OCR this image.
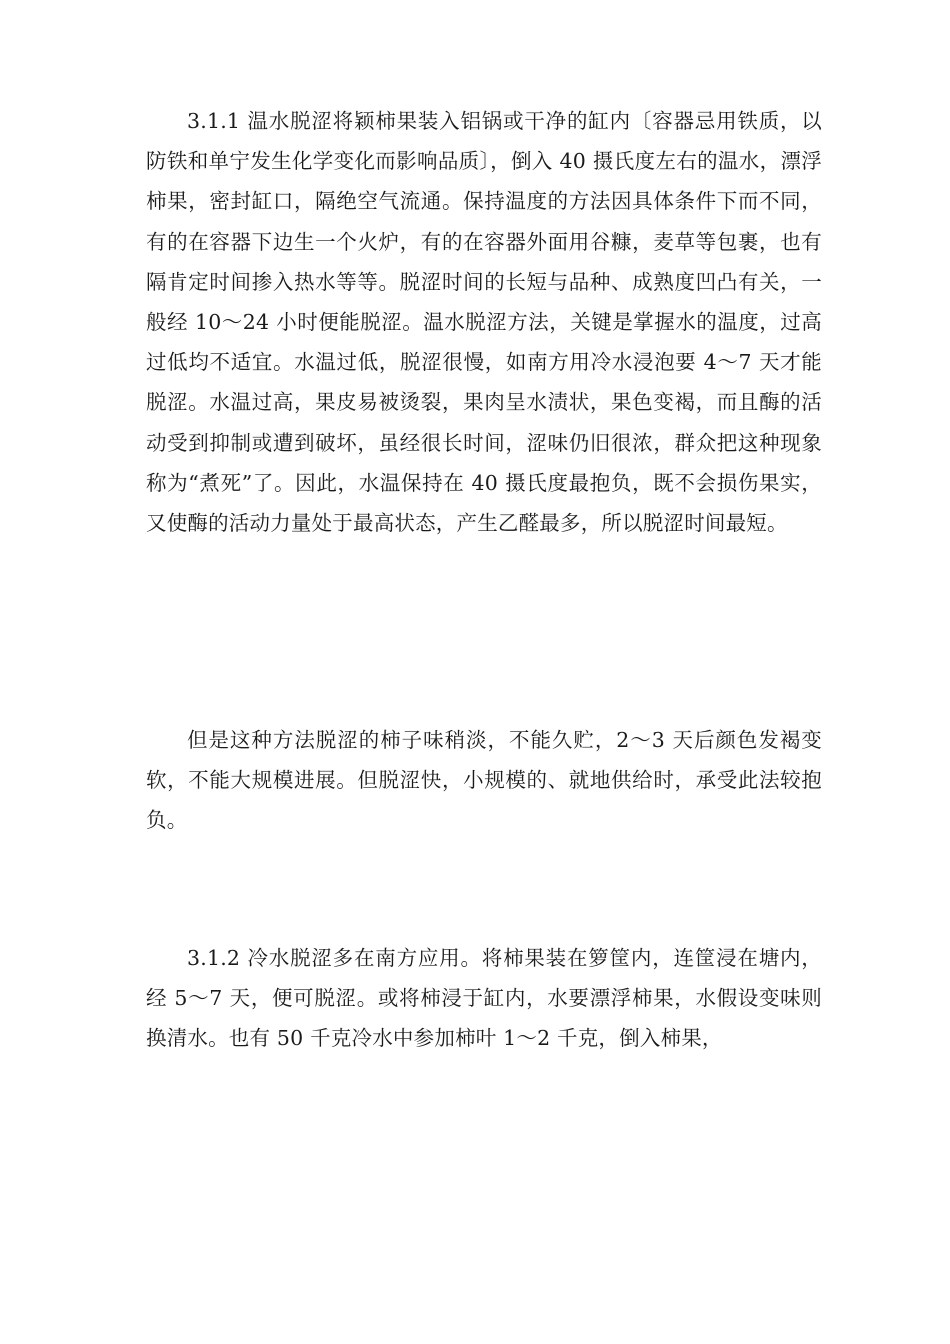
3.1.1 温水脱涩将颖柿果装入铝锅或干净的缸内〔容器忌用铁质，以防铁和单宁发生化学变化而影响品质〕，倒入 40 摄氏度左右的温水，漂浮柿果，密封缸口，隔绝空气流通。保持温度的方法因具体条件下而不同，有的在容器下边生一个火炉，有的在容器外面用谷糠，麦草等包裹，也有隔肯定时间掺入热水等等。脱涩时间的长短与品种、成熟度凹凸有关，一般经 10～24 小时便能脱涩。温水脱涩方法，关键是掌握水的温度，过高过低均不适宜。水温过低，脱涩很慢，如南方用冷水浸泡要 4～7 天才能脱涩。水温过高，果皮易被烫裂，果肉呈水渍状，果色变褐，而且酶的活动受到抑制或遭到破坏，虽经很长时间，涩味仍旧很浓，群众把这种现象称为“煮死”了。因此，水温保持在 40 摄氏度最抱负，既不会损伤果实，又使酶的活动力量处于最高状态，产生乙醛最多，所以脱涩时间最短。

但是这种方法脱涩的柿子味稍淡，不能久贮，2～3 天后颜色发褐变软，不能大规模进展。但脱涩快，小规模的、就地供给时，承受此法较抱负。

3.1.2 冷水脱涩多在南方应用。将柿果装在箩筐内，连筐浸在塘内，经 5～7 天，便可脱涩。或将柿浸于缸内，水要漂浮柿果，水假设变味则换清水。也有 50 千克冷水中参加柿叶 1～2 千克，倒入柿果，
